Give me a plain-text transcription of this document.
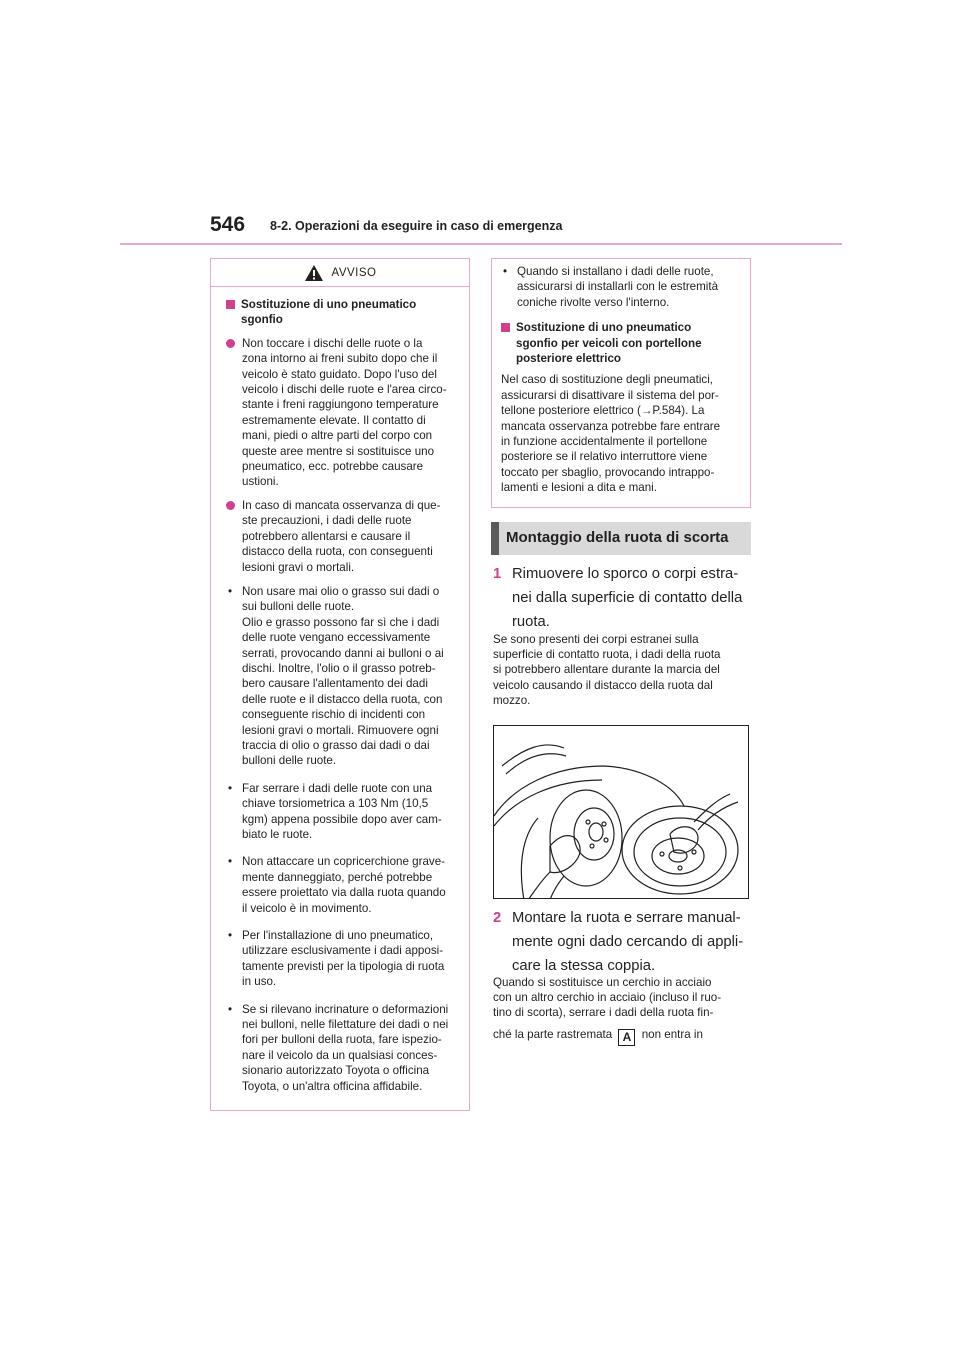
546 8-2. Operazioni da eseguire in caso di emergenza
AVVISO
Sostituzione di uno pneumatico
sgonfio
Non toccare i dischi delle ruote o la
zona intorno ai freni subito dopo che il
veicolo è stato guidato. Dopo l'uso del
veicolo i dischi delle ruote e l'area circo-
stante i freni raggiungono temperature
estremamente elevate. Il contatto di
mani, piedi o altre parti del corpo con
queste aree mentre si sostituisce uno
pneumatico, ecc. potrebbe causare
ustioni.
In caso di mancata osservanza di que-
ste precauzioni, i dadi delle ruote
potrebbero allentarsi e causare il
distacco della ruota, con conseguenti
lesioni gravi o mortali.
• Non usare mai olio o grasso sui dadi o
sui bulloni delle ruote.
Olio e grasso possono far sì che i dadi
delle ruote vengano eccessivamente
serrati, provocando danni ai bulloni o ai
dischi. Inoltre, l'olio o il grasso potreb-
bero causare l'allentamento dei dadi
delle ruote e il distacco della ruota, con
conseguente rischio di incidenti con
lesioni gravi o mortali. Rimuovere ogni
traccia di olio o grasso dai dadi o dai
bulloni delle ruote.
• Far serrare i dadi delle ruote con una
chiave torsiometrica a 103 Nm (10,5
kgm) appena possibile dopo aver cam-
biato le ruote.
• Non attaccare un copricerchione grave-
mente danneggiato, perché potrebbe
essere proiettato via dalla ruota quando
il veicolo è in movimento.
• Per l'installazione di uno pneumatico,
utilizzare esclusivamente i dadi apposi-
tamente previsti per la tipologia di ruota
in uso.
• Se si rilevano incrinature o deformazioni
nei bulloni, nelle filettature dei dadi o nei
fori per bulloni della ruota, fare ispezio-
nare il veicolo da un qualsiasi conces-
sionario autorizzato Toyota o officina
Toyota, o un'altra officina affidabile.
• Quando si installano i dadi delle ruote,
assicurarsi di installarli con le estremità
coniche rivolte verso l'interno.
Sostituzione di uno pneumatico
sgonfio per veicoli con portellone
posteriore elettrico
Nel caso di sostituzione degli pneumatici,
assicurarsi di disattivare il sistema del por-
tellone posteriore elettrico (→P.584). La
mancata osservanza potrebbe fare entrare
in funzione accidentalmente il portellone
posteriore se il relativo interruttore viene
toccato per sbaglio, provocando intrappo-
lamenti e lesioni a dita e mani.
Montaggio della ruota di scorta
1 Rimuovere lo sporco o corpi estra-
nei dalla superficie di contatto della
ruota.
Se sono presenti dei corpi estranei sulla
superficie di contatto ruota, i dadi della ruota
si potrebbero allentare durante la marcia del
veicolo causando il distacco della ruota dal
mozzo.
2 Montare la ruota e serrare manual-
mente ogni dado cercando di appli-
care la stessa coppia.
Quando si sostituisce un cerchio in acciaio
con un altro cerchio in acciaio (incluso il ruo-
tino di scorta), serrare i dadi della ruota fin-
ché la parte rastremata A non entra in
